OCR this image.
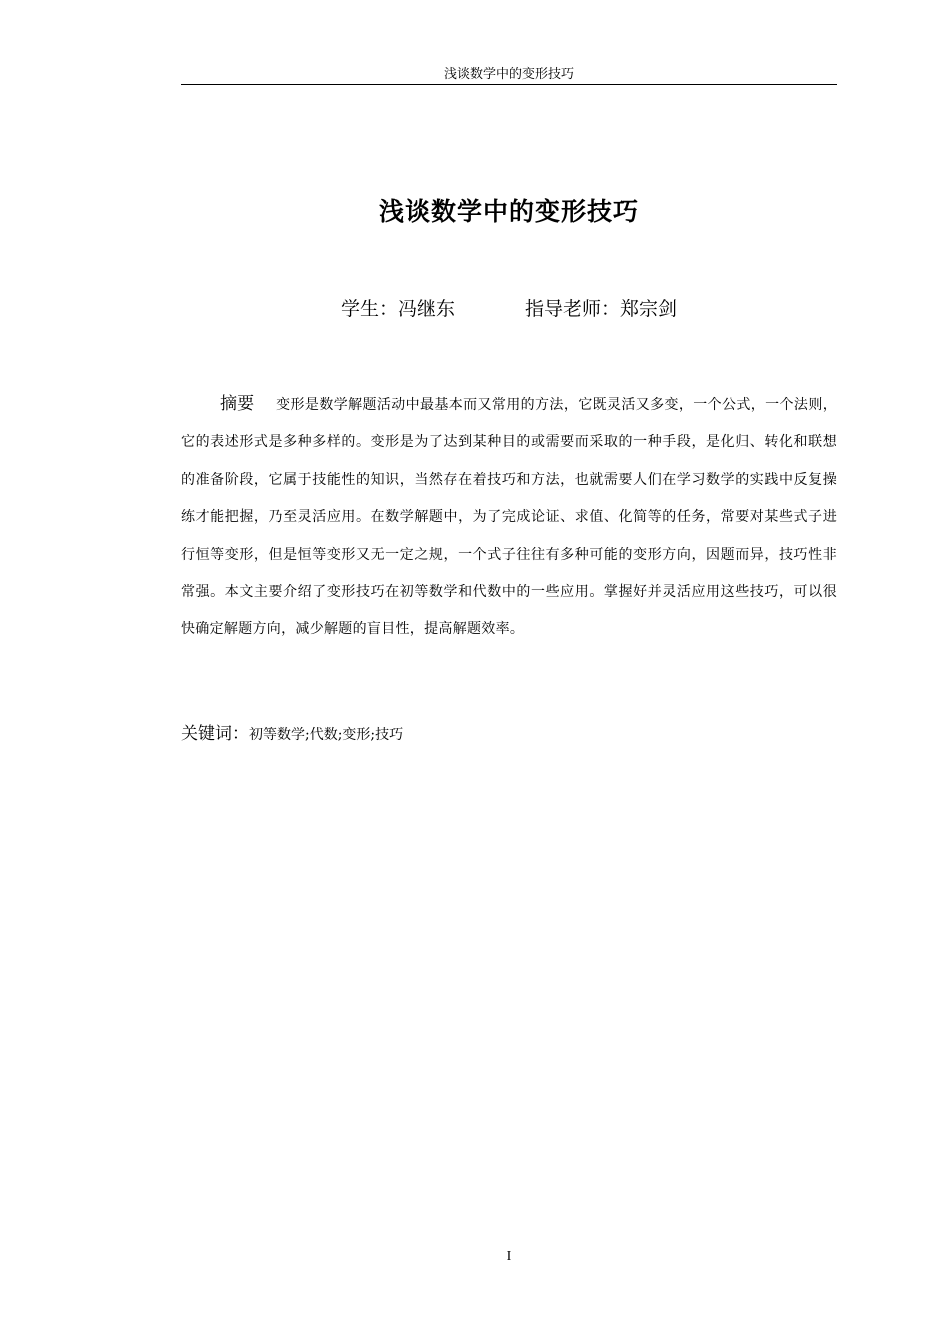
浅谈数学中的变形技巧
浅谈数学中的变形技巧
学生：冯继东	指导老师：郑宗剑

摘要 变形是数学解题活动中最基本而又常用的方法，它既灵活又多变，一个公式，一个法则，它的表述形式是多种多样的。变形是为了达到某种目的或需要而采取的一种手段，是化归、转化和联想的准备阶段，它属于技能性的知识，当然存在着技巧和方法，也就需要人们在学习数学的实践中反复操练才能把握，乃至灵活应用。在数学解题中，为了完成论证、求值、化简等的任务，常要对某些式子进行恒等变形，但是恒等变形又无一定之规，一个式子往往有多种可能的变形方向，因题而异，技巧性非常强。本文主要介绍了变形技巧在初等数学和代数中的一些应用。掌握好并灵活应用这些技巧，可以很快确定解题方向，减少解题的盲目性，提高解题效率。

关键词：初等数学;代数;变形;技巧
I
